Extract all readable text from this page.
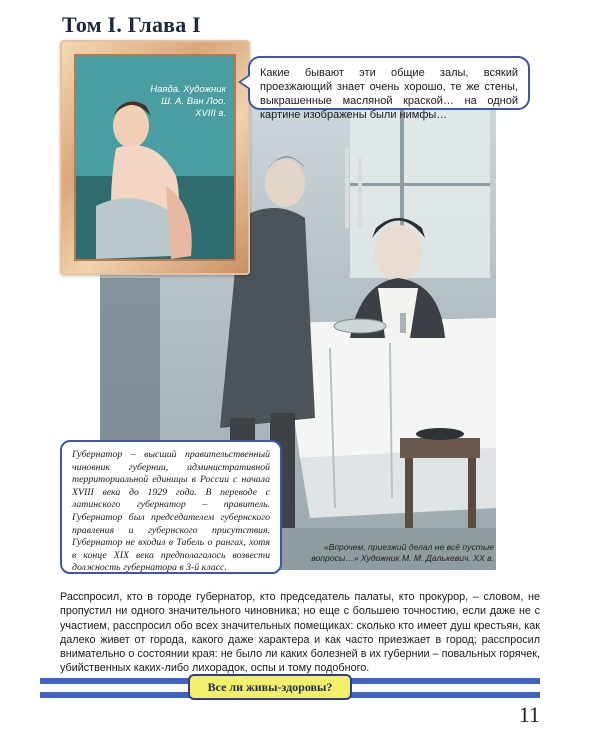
Том I. Глава I
Наяда. Художник
Ш. А. Ван Лоо.
XVIII в.
Какие бывают эти общие залы, всякий проезжающий знает очень хорошо, те же стены, выкрашенные масляной краской… на одной картине изображены были нимфы…
Губернатор – высший правительственный чиновник губернии, административной территориальной единицы в России с начала XVIII века до 1929 года. В переводе с латинского губернатор – правитель. Губернатор был председателем губернского правления и губернского присутствия. Губернатор не входил в Табель о рангах, хотя в конце XIX века предполагалось возвести должность губернатора в 3-й класс.
«Впрочем, приезжий делал не всё пустые
вопросы…» Художник М. М. Далькевич. XX в.
Расспросил, кто в городе губернатор, кто председатель палаты, кто прокурор, – словом, не пропустил ни одного значительного чиновника; но еще с большею точностию, если даже не с участием, расспросил обо всех значительных помещиках: сколько кто имеет душ крестьян, как далеко живет от города, какого даже характера и как часто приезжает в город; расспросил внимательно о состоянии края: не было ли каких болезней в их губернии – повальных горячек, убийственных каких-либо лихорадок, оспы и тому подобного.
Все ли живы-здоровы?
11
